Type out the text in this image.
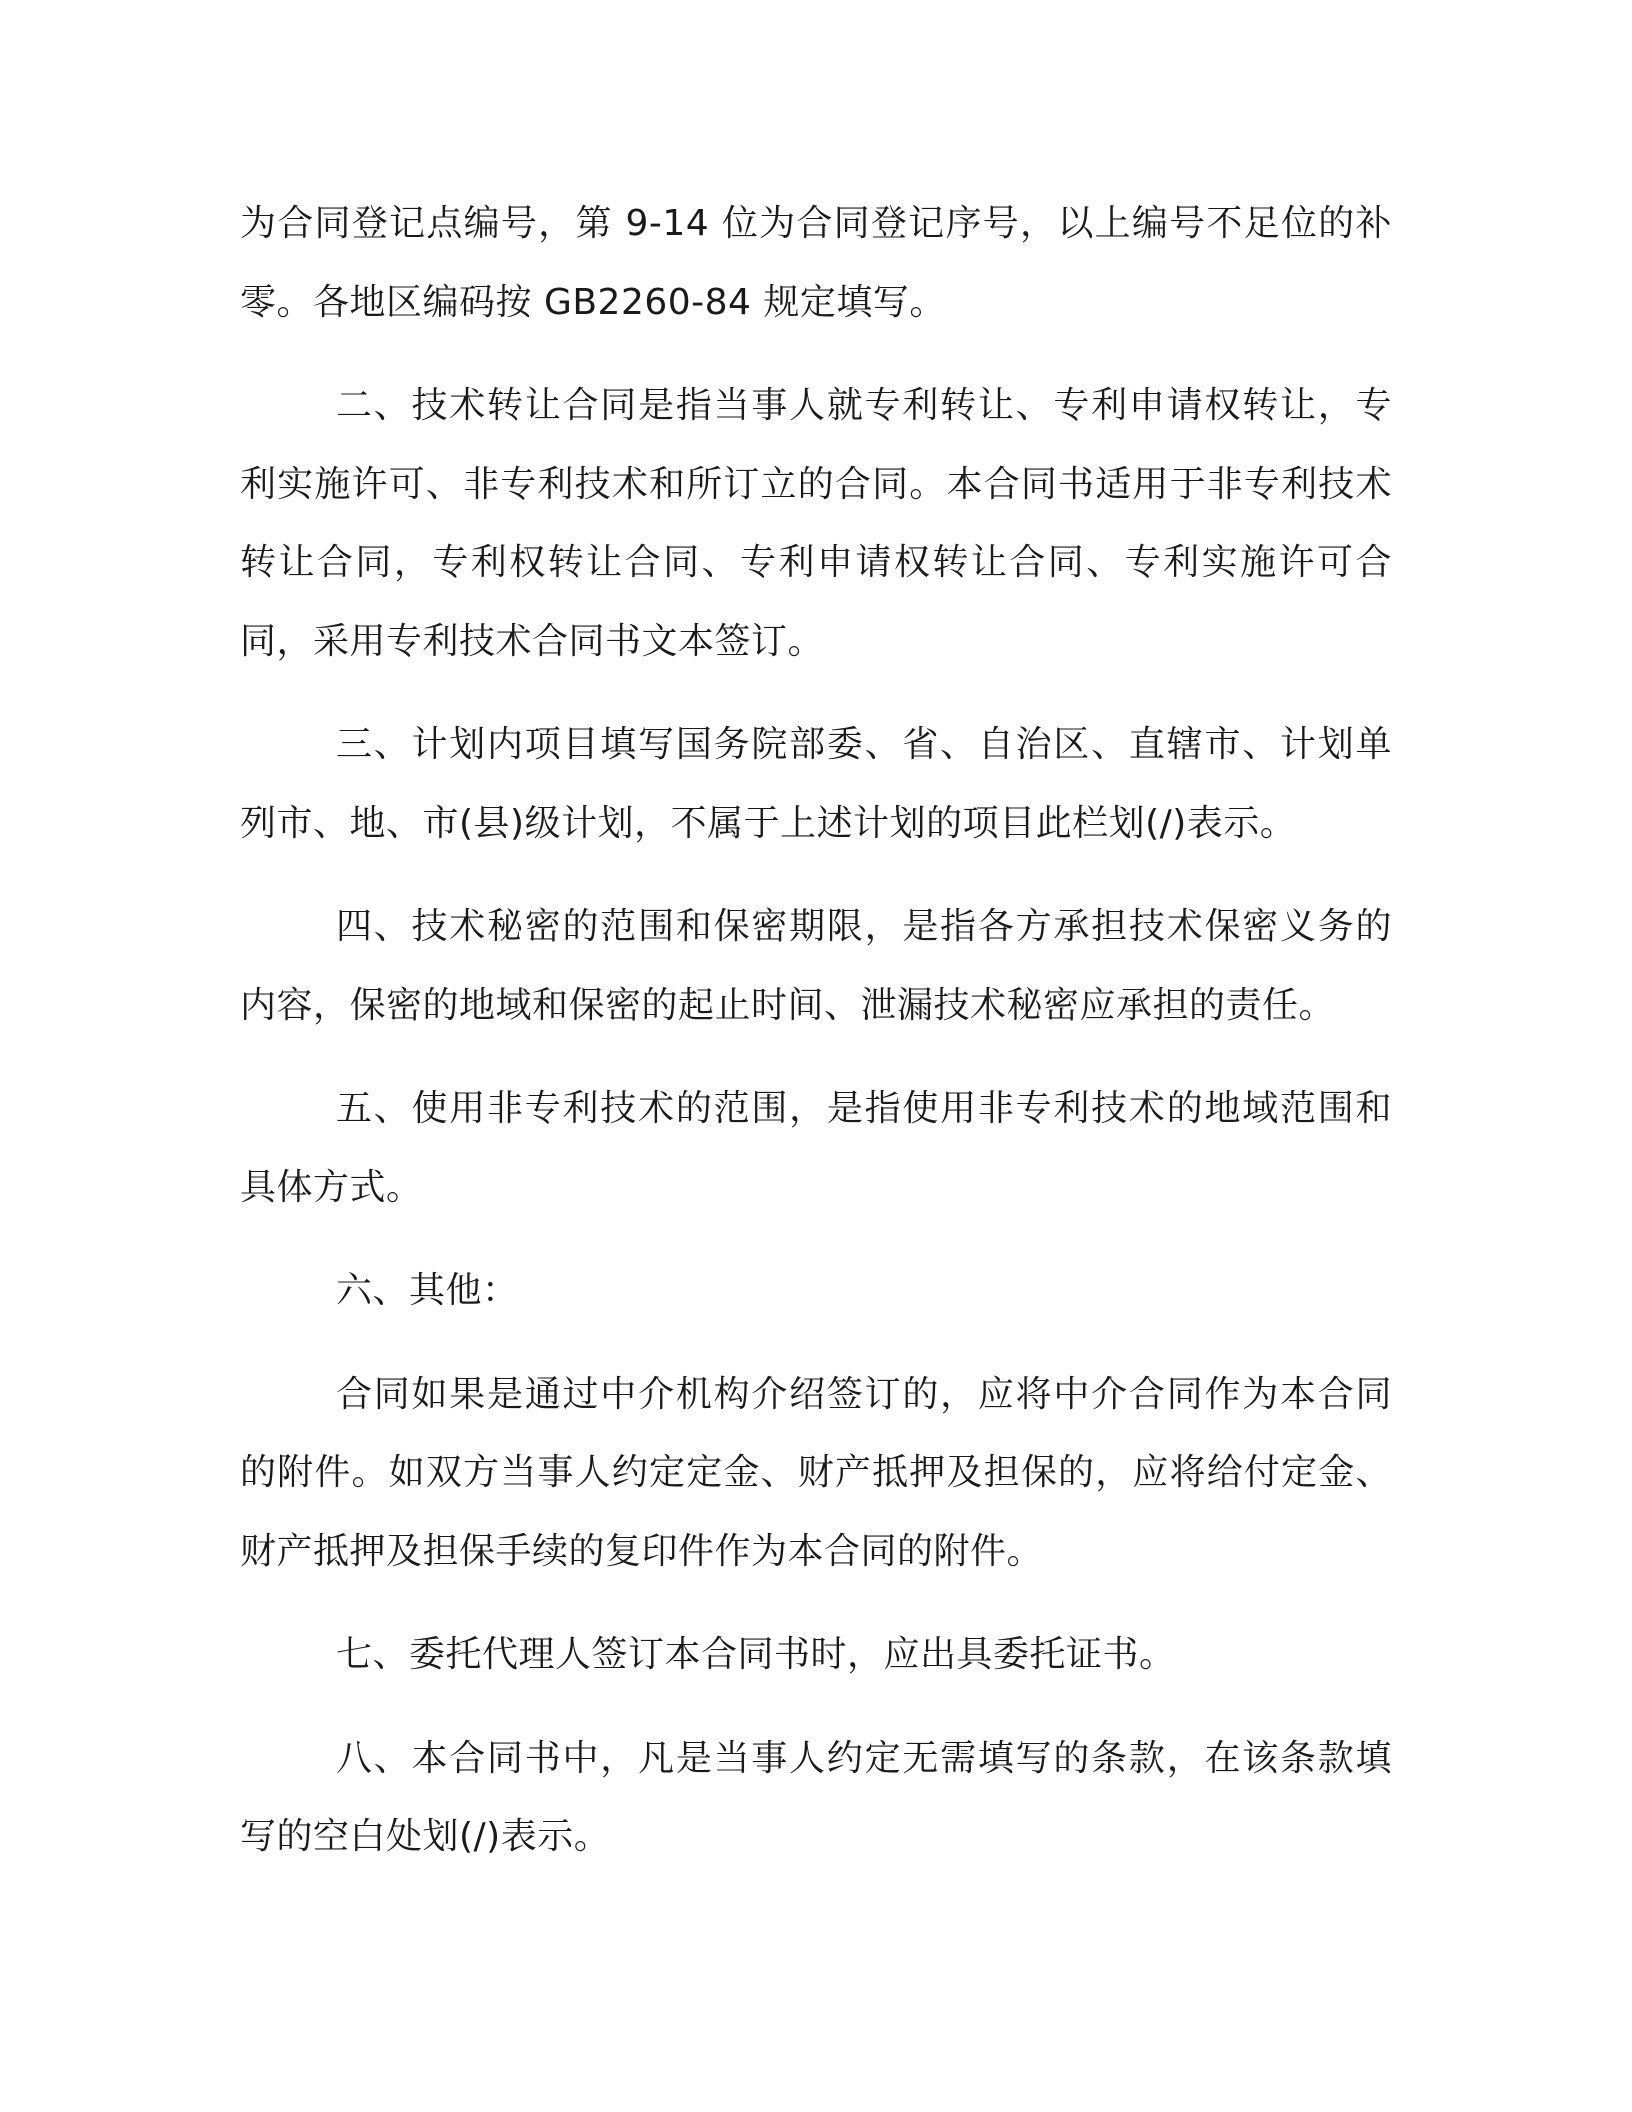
为合同登记点编号，第 9-14 位为合同登记序号，以上编号不足位的补零。各地区编码按 GB2260-84 规定填写。

二、技术转让合同是指当事人就专利转让、专利申请权转让，专利实施许可、非专利技术和所订立的合同。本合同书适用于非专利技术转让合同，专利权转让合同、专利申请权转让合同、专利实施许可合同，采用专利技术合同书文本签订。

三、计划内项目填写国务院部委、省、自治区、直辖市、计划单列市、地、市(县)级计划，不属于上述计划的项目此栏划(/)表示。

四、技术秘密的范围和保密期限，是指各方承担技术保密义务的内容，保密的地域和保密的起止时间、泄漏技术秘密应承担的责任。

五、使用非专利技术的范围，是指使用非专利技术的地域范围和具体方式。

六、其他：

合同如果是通过中介机构介绍签订的，应将中介合同作为本合同的附件。如双方当事人约定定金、财产抵押及担保的，应将给付定金、财产抵押及担保手续的复印件作为本合同的附件。

七、委托代理人签订本合同书时，应出具委托证书。

八、本合同书中，凡是当事人约定无需填写的条款，在该条款填写的空白处划(/)表示。
